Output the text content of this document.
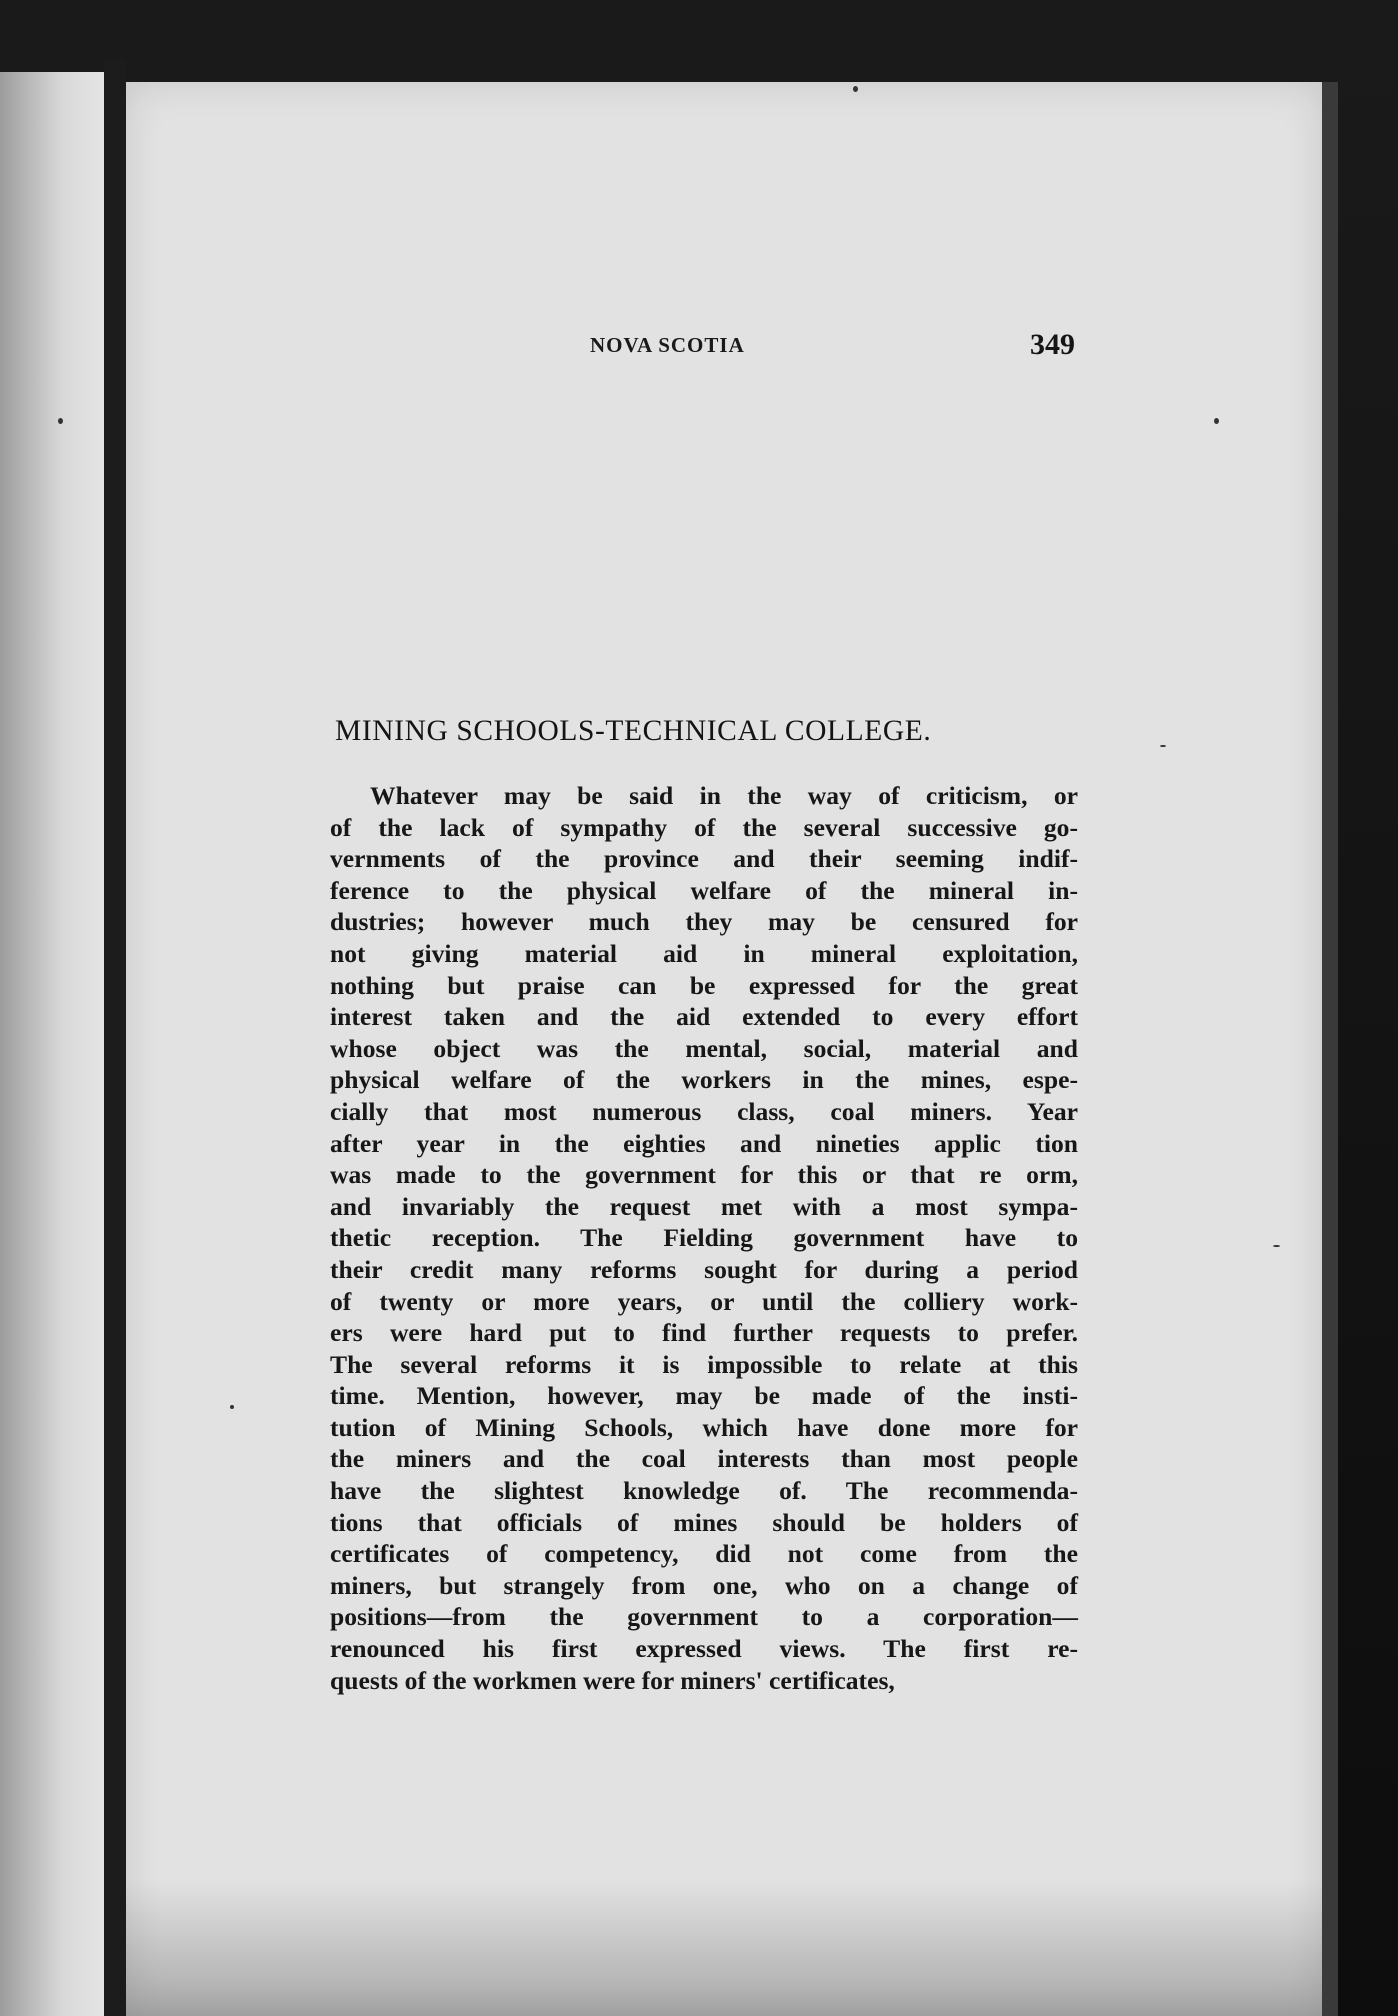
NOVA SCOTIA	349
MINING SCHOOLS-TECHNICAL COLLEGE.
Whatever may be said in the way of criticism, or
of the lack of sympathy of the several successive go-
vernments of the province and their seeming indif-
ference to the physical welfare of the mineral in-
dustries; however much they may be censured for
not giving material aid in mineral exploitation,
nothing but praise can be expressed for the great
interest taken and the aid extended to every effort
whose object was the mental, social, material and
physical welfare of the workers in the mines, espe-
cially that most numerous class, coal miners. Year
after year in the eighties and nineties applic tion
was made to the government for this or that re orm,
and invariably the request met with a most sympa-
thetic reception. The Fielding government have to
their credit many reforms sought for during a period
of twenty or more years, or until the colliery work-
ers were hard put to find further requests to prefer.
The several reforms it is impossible to relate at this
time. Mention, however, may be made of the insti-
tution of Mining Schools, which have done more for
the miners and the coal interests than most people
have the slightest knowledge of. The recommenda-
tions that officials of mines should be holders of
certificates of competency, did not come from the
miners, but strangely from one, who on a change of
positions—from the government to a corporation—
renounced his first expressed views. The first re-
quests of the workmen were for miners' certificates,
